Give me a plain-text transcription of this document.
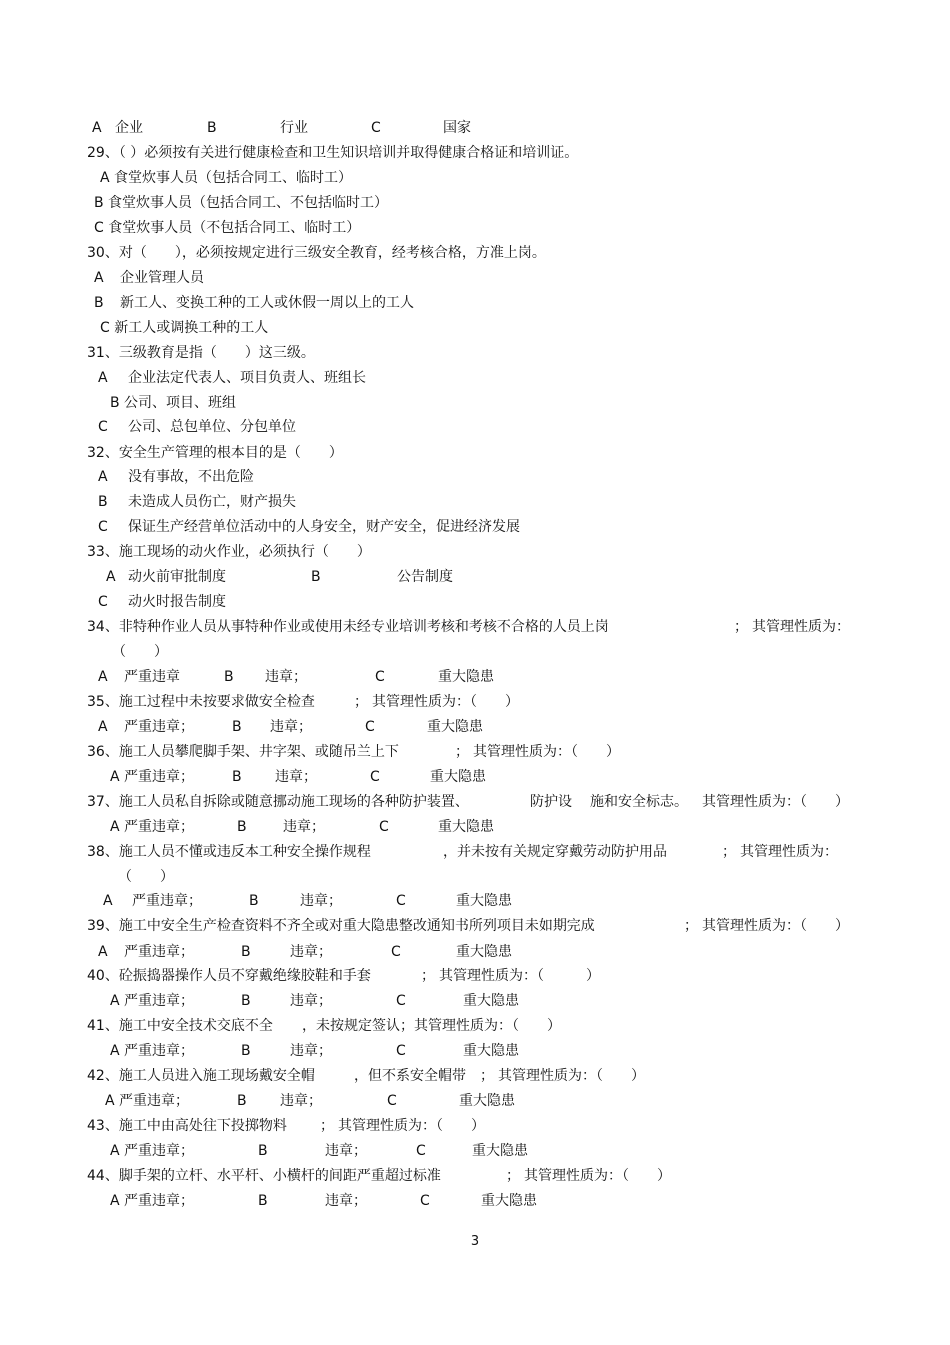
A 企业	B	行业	C	国家
29、（ ）必须按有关进行健康检查和卫生知识培训并取得健康合格证和培训证。
A 食堂炊事人员（包括合同工、临时工）
B 食堂炊事人员（包括合同工、不包括临时工）
C 食堂炊事人员（不包括合同工、临时工）
30、对（　　），必须按规定进行三级安全教育，经考核合格，方准上岗。
A 企业管理人员
B 新工人、变换工种的工人或休假一周以上的工人
C 新工人或调换工种的工人
31、三级教育是指（　　）这三级。
A 企业法定代表人、项目负责人、班组长
B 公司、项目、班组
C 公司、总包单位、分包单位
32、安全生产管理的根本目的是（　　）
A 没有事故，不出危险
B 未造成人员伤亡，财产损失
C 保证生产经营单位活动中的人身安全，财产安全，促进经济发展
33、施工现场的动火作业，必须执行（　　）
A 动火前审批制度	B	公告制度
C 动火时报告制度
34、非特种作业人员从事特种作业或使用未经专业培训考核和考核不合格的人员上岗	； 其管理性质为：
（　　）
A 严重违章	B 违章；	C	重大隐患
35、施工过程中未按要求做安全检查	； 其管理性质为：（　　）
A 严重违章；	B 违章；	C	重大隐患
36、施工人员攀爬脚手架、井字架、或随吊兰上下	； 其管理性质为：（　　）
A 严重违章；	B 违章；	C	重大隐患
37、施工人员私自拆除或随意挪动施工现场的各种防护装置、	防护设 施和安全标志。 其管理性质为：（　　）
A 严重违章；	B	违章；	C	重大隐患
38、施工人员不懂或违反本工种安全操作规程	，并未按有关规定穿戴劳动防护用品	； 其管理性质为：
（　　）
A 严重违章；	B	违章；	C	重大隐患
39、施工中安全生产检查资料不齐全或对重大隐患整改通知书所列项目未如期完成	； 其管理性质为：（　　）
A 严重违章；	B	违章；	C	重大隐患
40、砼振捣器操作人员不穿戴绝缘胶鞋和手套	； 其管理性质为：（　　　）
A 严重违章；	B	违章；	C	重大隐患
41、施工中安全技术交底不全 ，未按规定签认；其管理性质为：（　　）
A 严重违章；	B	违章；	C	重大隐患
42、施工人员进入施工现场戴安全帽	，但不系安全帽带 ； 其管理性质为：（　　）
A 严重违章；	B 违章；	C	重大隐患
43、施工中由高处往下投掷物料 ； 其管理性质为：（　　）
A 严重违章；	B	违章；	C	重大隐患
44、脚手架的立杆、水平杆、小横杆的间距严重超过标准	； 其管理性质为：（　　）
A 严重违章；	B	违章；	C	重大隐患
3
